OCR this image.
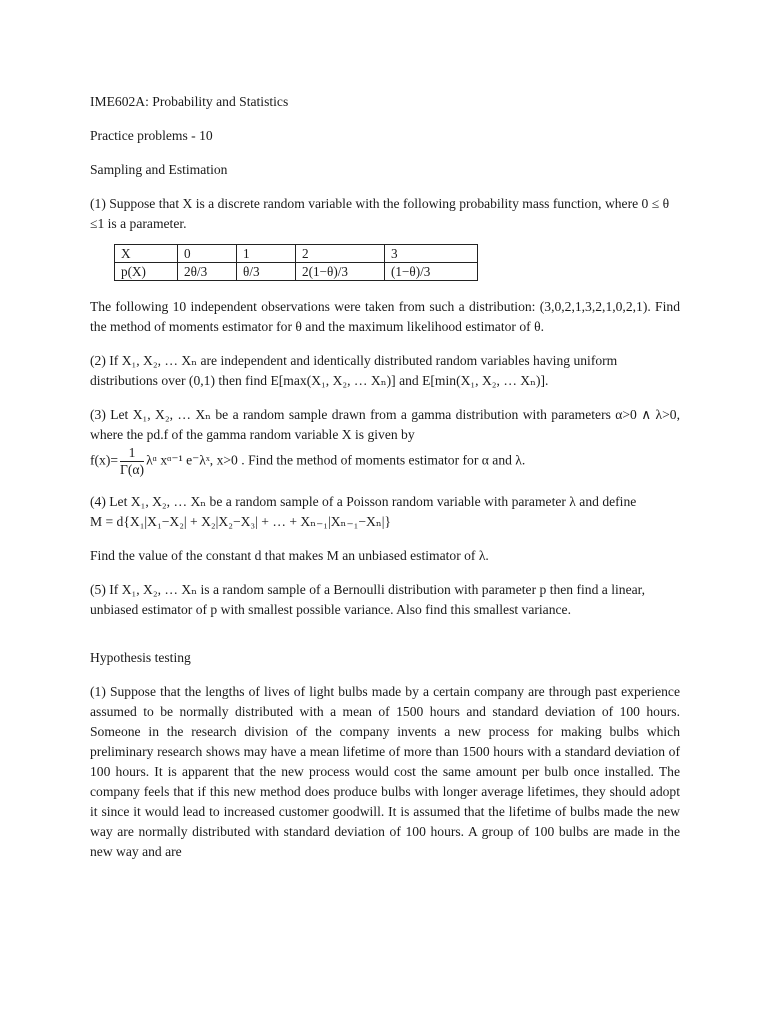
IME602A: Probability and Statistics

Practice problems - 10

Sampling and Estimation

(1) Suppose that X is a discrete random variable with the following probability mass function, where 0 ≤ θ ≤1 is a parameter.

X	0	1	2	3
p(X)	2θ/3	θ/3	2(1−θ)/3	(1−θ)/3

The following 10 independent observations were taken from such a distribution: (3,0,2,1,3,2,1,0,2,1). Find the method of moments estimator for θ and the maximum likelihood estimator of θ.

(2) If X₁, X₂, … Xₙ are independent and identically distributed random variables having uniform distributions over (0,1) then find E[max(X₁, X₂, … Xₙ)] and E[min(X₁, X₂, … Xₙ)].

(3) Let X₁, X₂, … Xₙ be a random sample drawn from a gamma distribution with parameters α>0 ∧ λ>0, where the pd.f of the gamma random variable X is given by

$f(x)= \frac{1}{\Gamma(\alpha)}$ λᵅ xᵅ⁻¹ e⁻λˣ, x>0 . Find the method of moments estimator for α and λ.

(4) Let X₁, X₂, … Xₙ be a random sample of a Poisson random variable with parameter λ and define

M = d{X₁|X₁−X₂| + X₂|X₂−X₃| + … + Xₙ₋₁|Xₙ₋₁−Xₙ|}

Find the value of the constant d that makes M an unbiased estimator of λ.

(5) If X₁, X₂, … Xₙ is a random sample of a Bernoulli distribution with parameter p then find a linear, unbiased estimator of p with smallest possible variance. Also find this smallest variance.

Hypothesis testing

(1) Suppose that the lengths of lives of light bulbs made by a certain company are through past experience assumed to be normally distributed with a mean of 1500 hours and standard deviation of 100 hours. Someone in the research division of the company invents a new process for making bulbs which preliminary research shows may have a mean lifetime of more than 1500 hours with a standard deviation of 100 hours. It is apparent that the new process would cost the same amount per bulb once installed. The company feels that if this new method does produce bulbs with longer average lifetimes, they should adopt it since it would lead to increased customer goodwill. It is assumed that the lifetime of bulbs made the new way are normally distributed with standard deviation of 100 hours. A group of 100 bulbs are made in the new way and are
